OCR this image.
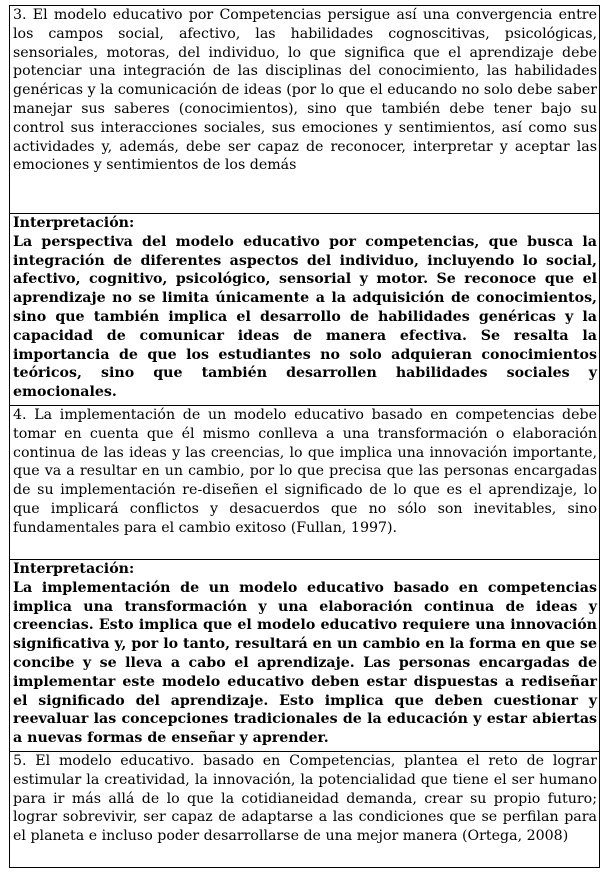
3. El modelo educativo por Competencias persigue así una convergencia entre los campos social, afectivo, las habilidades cognoscitivas, psicológicas, sensoriales, motoras, del individuo, lo que significa que el aprendizaje debe potenciar una integración de las disciplinas del conocimiento, las habilidades genéricas y la comunicación de ideas (por lo que el educando no solo debe saber manejar sus saberes (conocimientos), sino que también debe tener bajo su control sus interacciones sociales, sus emociones y sentimientos, así como sus actividades y, además, debe ser capaz de reconocer, interpretar y aceptar las emociones y sentimientos de los demás
Interpretación:
La perspectiva del modelo educativo por competencias, que busca la integración de diferentes aspectos del individuo, incluyendo lo social, afectivo, cognitivo, psicológico, sensorial y motor. Se reconoce que el aprendizaje no se limita únicamente a la adquisición de conocimientos, sino que también implica el desarrollo de habilidades genéricas y la capacidad de comunicar ideas de manera efectiva. Se resalta la importancia de que los estudiantes no solo adquieran conocimientos teóricos, sino que también desarrollen habilidades sociales y emocionales.
4. La implementación de un modelo educativo basado en competencias debe tomar en cuenta que él mismo conlleva a una transformación o elaboración continua de las ideas y las creencias, lo que implica una innovación importante, que va a resultar en un cambio, por lo que precisa que las personas encargadas de su implementación re-diseñen el significado de lo que es el aprendizaje, lo que implicará conflictos y desacuerdos que no sólo son inevitables, sino fundamentales para el cambio exitoso (Fullan, 1997).
Interpretación:
La implementación de un modelo educativo basado en competencias implica una transformación y una elaboración continua de ideas y creencias. Esto implica que el modelo educativo requiere una innovación significativa y, por lo tanto, resultará en un cambio en la forma en que se concibe y se lleva a cabo el aprendizaje. Las personas encargadas de implementar este modelo educativo deben estar dispuestas a rediseñar el significado del aprendizaje. Esto implica que deben cuestionar y reevaluar las concepciones tradicionales de la educación y estar abiertas a nuevas formas de enseñar y aprender.
5. El modelo educativo. basado en Competencias, plantea el reto de lograr estimular la creatividad, la innovación, la potencialidad que tiene el ser humano para ir más allá de lo que la cotidianeidad demanda, crear su propio futuro; lograr sobrevivir, ser capaz de adaptarse a las condiciones que se perfilan para el planeta e incluso poder desarrollarse de una mejor manera (Ortega, 2008)
